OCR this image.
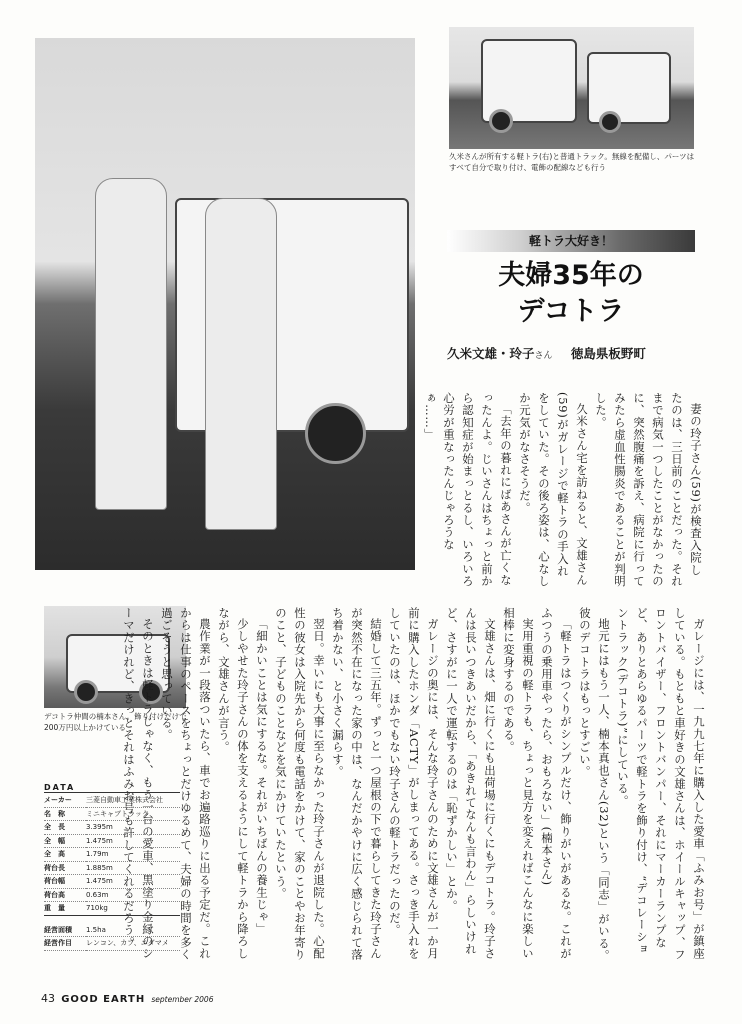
久米さんが所有する軽トラ(右)と普通トラック。無線を配備し、パーツはすべて自分で取り付け、電飾の配線なども行う
軽トラ大好き！
夫婦35年の
デコトラ
久米文雄・玲子さん 徳島県板野町

妻の玲子さん(59)が検査入院したのは、三日前のことだった。それまで病気一つしたことがなかったのに、突然腹痛を訴え、病院に行ってみたら虚血性腸炎であることが判明した。

久米さん宅を訪ねると、文雄さん(59)がガレージで軽トラの手入れをしていた。その後ろ姿は、心なしか元気がなさそうだ。

「去年の暮れにばあさんが亡くなったんよ。じいさんはちょっと前から認知症が始まっとるし、いろいろ心労が重なったんじゃろうなぁ……」

デコトラ仲間の楠本さん。飾り付けだけで200万円以上かけている	ガレージには、一九九七年に購入した愛車「ふみお号」が鎮座している。もともと車好きの文雄さんは、ホイールキャップ、フロントバイザー、フロントバンパー、それにマーカーランプなど、ありとあらゆるパーツで軽トラを飾り付け、“デコレーショントラック(デコトラ)”にしている。

地元にはもう一人、楠本真也さん(32)という「同志」がいる。彼のデコトラはもっとすごい。

「軽トラはつくりがシンプルだけ、飾りがいがあるな。これがふつうの乗用車やったら、おもろない」(楠本さん)

実用重視の軽トラも、ちょっと見方を変えればこんなに楽しい相棒に変身するのである。

文雄さんは、畑に行くにも出荷場に行くにもデコトラ。玲子さんは長いつきあいだから、「あきれてなんも言わん」らしいけれど、さすがに一人で運転するのは「恥ずかしい」とか。

ガレージの奥には、そんな玲子さんのために文雄さんが一か月前に購入したホンダ「ACTY」がしまってある。さっき手入れをしていたのは、ほかでもない玲子さんの軽トラだったのだ。

結婚して三五年。ずっと一つ屋根の下で暮らしてきた玲子さんが突然不在になった家の中は、なんだかやけに広く感じられて落ち着かない、と小さく漏らす。

翌日。幸いにも大事に至らなかった玲子さんが退院した。心配性の彼女は入院先から何度も電話をかけて、家のことやお年寄りのこと、子どものことなどを気にかけていたという。

「細かいことは気にするな。それがいちばんの養生じゃ」

少しやせた玲子さんの体を支えるようにして軽トラから降ろしながら、文雄さんが言う。

農作業が一段落ついたら、車でお遍路巡りに出る予定だ。これからは仕事のペースをちょっとだけゆるめて、夫婦の時間を多く過ごそうと思っている。

そのときは軽トラじゃなく、もう一台の愛車、黒塗り金縁のシーマだけれど、きっとそれはふみお号も許してくれるだろう。

DATA
メーカー	三菱自動車工業株式会社
名　称	ミニキャブトラック
全　長	3.395m
全　幅	1.475m
全　高	1.79m
荷台長	1.885m
荷台幅	1.475m
荷台高	0.63m
重　量	710kg
経営面積	1.5ha
経営作目	レンコン、カブ、エダマメ
43 GOOD EARTH september 2006
